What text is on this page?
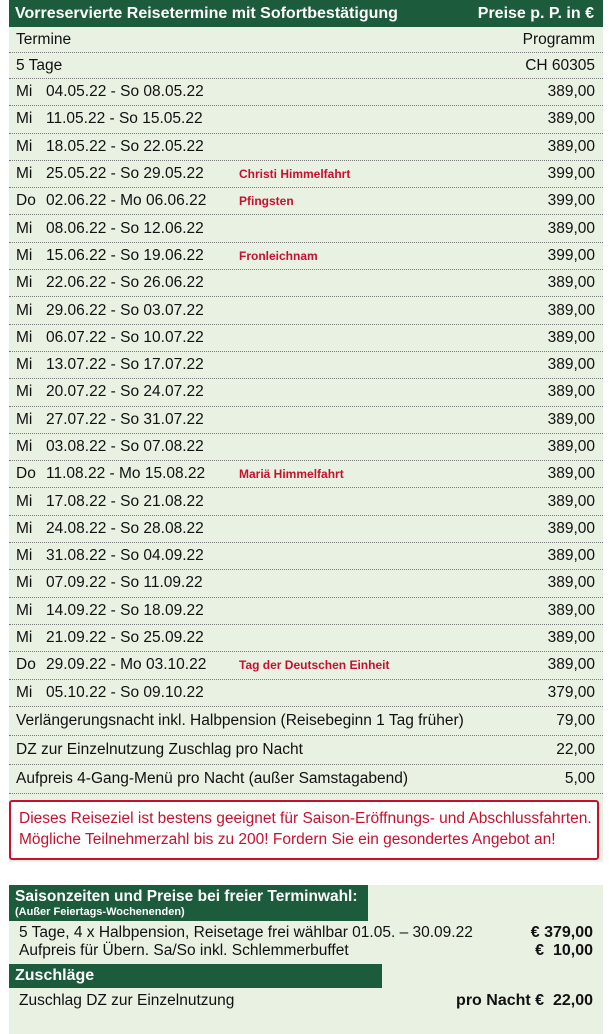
Vorreservierte Reisetermine mit Sofortbestätigung	Preise p. P. in €
Termine	Programm
5 Tage	CH 60305
Mi 04.05.22 - So 08.05.22	389,00
Mi 11.05.22 - So 15.05.22	389,00
Mi 18.05.22 - So 22.05.22	389,00
Mi 25.05.22 - So 29.05.22	Christi Himmelfahrt	399,00
Do 02.06.22 - Mo 06.06.22	Pfingsten	399,00
Mi 08.06.22 - So 12.06.22	389,00
Mi 15.06.22 - So 19.06.22	Fronleichnam	399,00
Mi 22.06.22 - So 26.06.22	389,00
Mi 29.06.22 - So 03.07.22	389,00
Mi 06.07.22 - So 10.07.22	389,00
Mi 13.07.22 - So 17.07.22	389,00
Mi 20.07.22 - So 24.07.22	389,00
Mi 27.07.22 - So 31.07.22	389,00
Mi 03.08.22 - So 07.08.22	389,00
Do 11.08.22 - Mo 15.08.22	Mariä Himmelfahrt	389,00
Mi 17.08.22 - So 21.08.22	389,00
Mi 24.08.22 - So 28.08.22	389,00
Mi 31.08.22 - So 04.09.22	389,00
Mi 07.09.22 - So 11.09.22	389,00
Mi 14.09.22 - So 18.09.22	389,00
Mi 21.09.22 - So 25.09.22	389,00
Do 29.09.22 - Mo 03.10.22	Tag der Deutschen Einheit	389,00
Mi 05.10.22 - So 09.10.22	379,00
Verlängerungsnacht inkl. Halbpension (Reisebeginn 1 Tag früher)	79,00
DZ zur Einzelnutzung Zuschlag pro Nacht	22,00
Aufpreis 4-Gang-Menü pro Nacht (außer Samstagabend)	5,00
Dieses Reiseziel ist bestens geeignet für Saison-Eröffnungs- und Abschlussfahrten.
Mögliche Teilnehmerzahl bis zu 200! Fordern Sie ein gesondertes Angebot an!
Saisonzeiten und Preise bei freier Terminwahl:
(Außer Feiertags-Wochenenden)
5 Tage, 4 x Halbpension, Reisetage frei wählbar 01.05. – 30.09.22	€ 379,00
Aufpreis für Übern. Sa/So inkl. Schlemmerbuffet	€  10,00
Zuschläge
Zuschlag DZ zur Einzelnutzung	pro Nacht €  22,00
